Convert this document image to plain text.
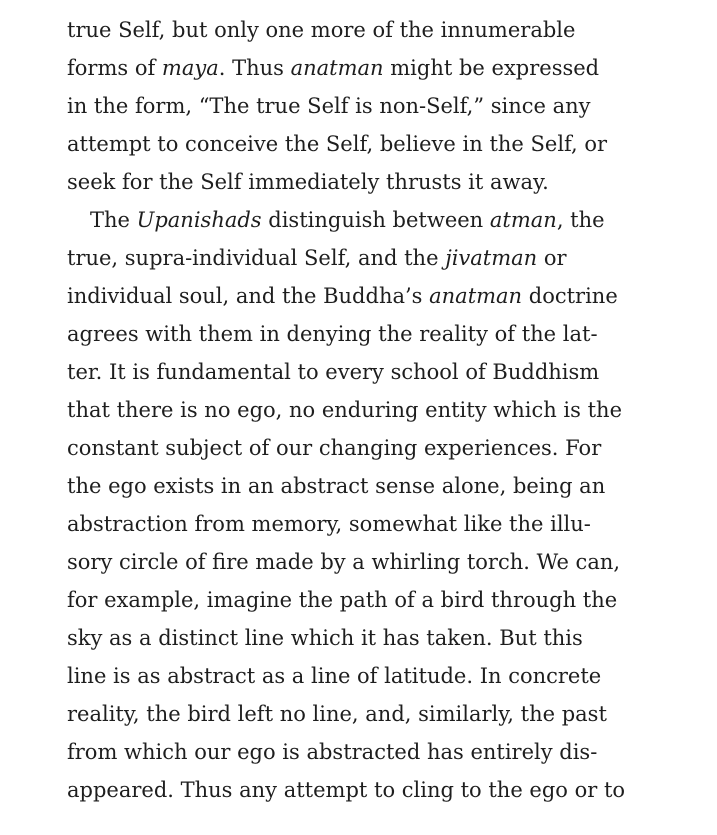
true Self, but only one more of the innumerable
forms of maya. Thus anatman might be expressed
in the form, “The true Self is non-Self,” since any
attempt to conceive the Self, believe in the Self, or
seek for the Self immediately thrusts it away.
The Upanishads distinguish between atman, the
true, supra-individual Self, and the jivatman or
individual soul, and the Buddha’s anatman doctrine
agrees with them in denying the reality of the lat-
ter. It is fundamental to every school of Buddhism
that there is no ego, no enduring entity which is the
constant subject of our changing experiences. For
the ego exists in an abstract sense alone, being an
abstraction from memory, somewhat like the illu-
sory circle of fire made by a whirling torch. We can,
for example, imagine the path of a bird through the
sky as a distinct line which it has taken. But this
line is as abstract as a line of latitude. In concrete
reality, the bird left no line, and, similarly, the past
from which our ego is abstracted has entirely dis-
appeared. Thus any attempt to cling to the ego or to
